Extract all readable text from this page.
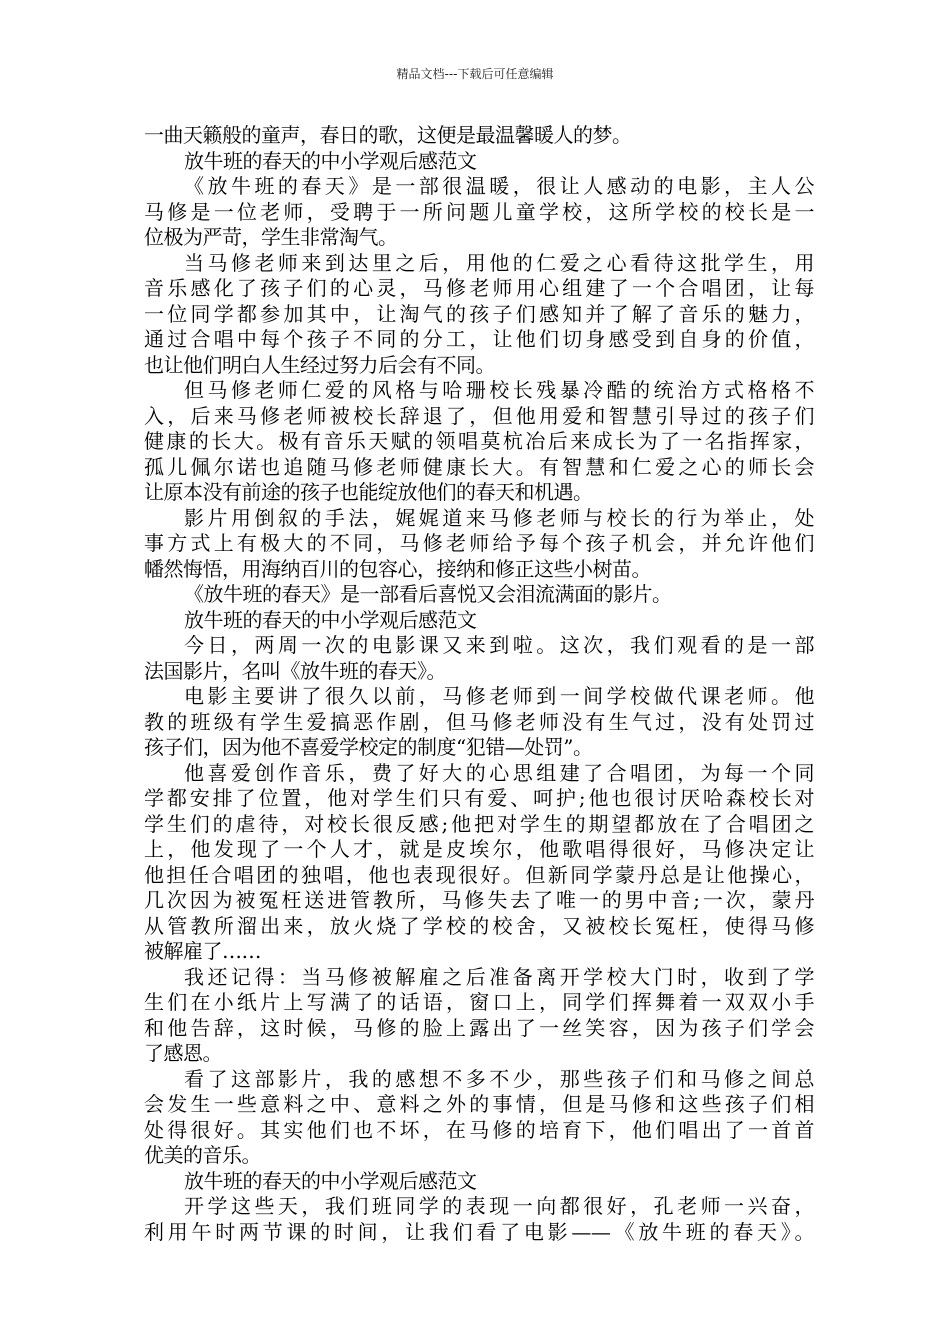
精品文档---下载后可任意编辑
一曲天籁般的童声，春日的歌，这便是最温馨暖人的梦。
放牛班的春天的中小学观后感范文
《放牛班的春天》是一部很温暖，很让人感动的电影，主人公
马修是一位老师，受聘于一所问题儿童学校，这所学校的校长是一
位极为严苛，学生非常淘气。
当马修老师来到达里之后，用他的仁爱之心看待这批学生，用
音乐感化了孩子们的心灵，马修老师用心组建了一个合唱团，让每
一位同学都参加其中，让淘气的孩子们感知并了解了音乐的魅力，
通过合唱中每个孩子不同的分工，让他们切身感受到自身的价值，
也让他们明白人生经过努力后会有不同。
但马修老师仁爱的风格与哈珊校长残暴冷酷的统治方式格格不
入，后来马修老师被校长辞退了，但他用爱和智慧引导过的孩子们
健康的长大。极有音乐天赋的领唱莫杭冶后来成长为了一名指挥家，
孤儿佩尔诺也追随马修老师健康长大。有智慧和仁爱之心的师长会
让原本没有前途的孩子也能绽放他们的春天和机遇。
影片用倒叙的手法，娓娓道来马修老师与校长的行为举止，处
事方式上有极大的不同，马修老师给予每个孩子机会，并允许他们
幡然悔悟，用海纳百川的包容心，接纳和修正这些小树苗。
《放牛班的春天》是一部看后喜悦又会泪流满面的影片。
放牛班的春天的中小学观后感范文
今日，两周一次的电影课又来到啦。这次，我们观看的是一部
法国影片，名叫《放牛班的春天》。
电影主要讲了很久以前，马修老师到一间学校做代课老师。他
教的班级有学生爱搞恶作剧，但马修老师没有生气过，没有处罚过
孩子们，因为他不喜爱学校定的制度“犯错—处罚”。
他喜爱创作音乐，费了好大的心思组建了合唱团，为每一个同
学都安排了位置，他对学生们只有爱、呵护;他也很讨厌哈森校长对
学生们的虐待，对校长很反感;他把对学生的期望都放在了合唱团之
上，他发现了一个人才，就是皮埃尔，他歌唱得很好，马修决定让
他担任合唱团的独唱，他也表现很好。但新同学蒙丹总是让他操心，
几次因为被冤枉送进管教所，马修失去了唯一的男中音;一次，蒙丹
从管教所溜出来，放火烧了学校的校舍，又被校长冤枉，使得马修
被解雇了……
我还记得：当马修被解雇之后准备离开学校大门时，收到了学
生们在小纸片上写满了的话语，窗口上，同学们挥舞着一双双小手
和他告辞，这时候，马修的脸上露出了一丝笑容，因为孩子们学会
了感恩。
看了这部影片，我的感想不多不少，那些孩子们和马修之间总
会发生一些意料之中、意料之外的事情，但是马修和这些孩子们相
处得很好。其实他们也不坏，在马修的培育下，他们唱出了一首首
优美的音乐。
放牛班的春天的中小学观后感范文
开学这些天，我们班同学的表现一向都很好，孔老师一兴奋，
利用午时两节课的时间，让我们看了电影——《放牛班的春天》。
